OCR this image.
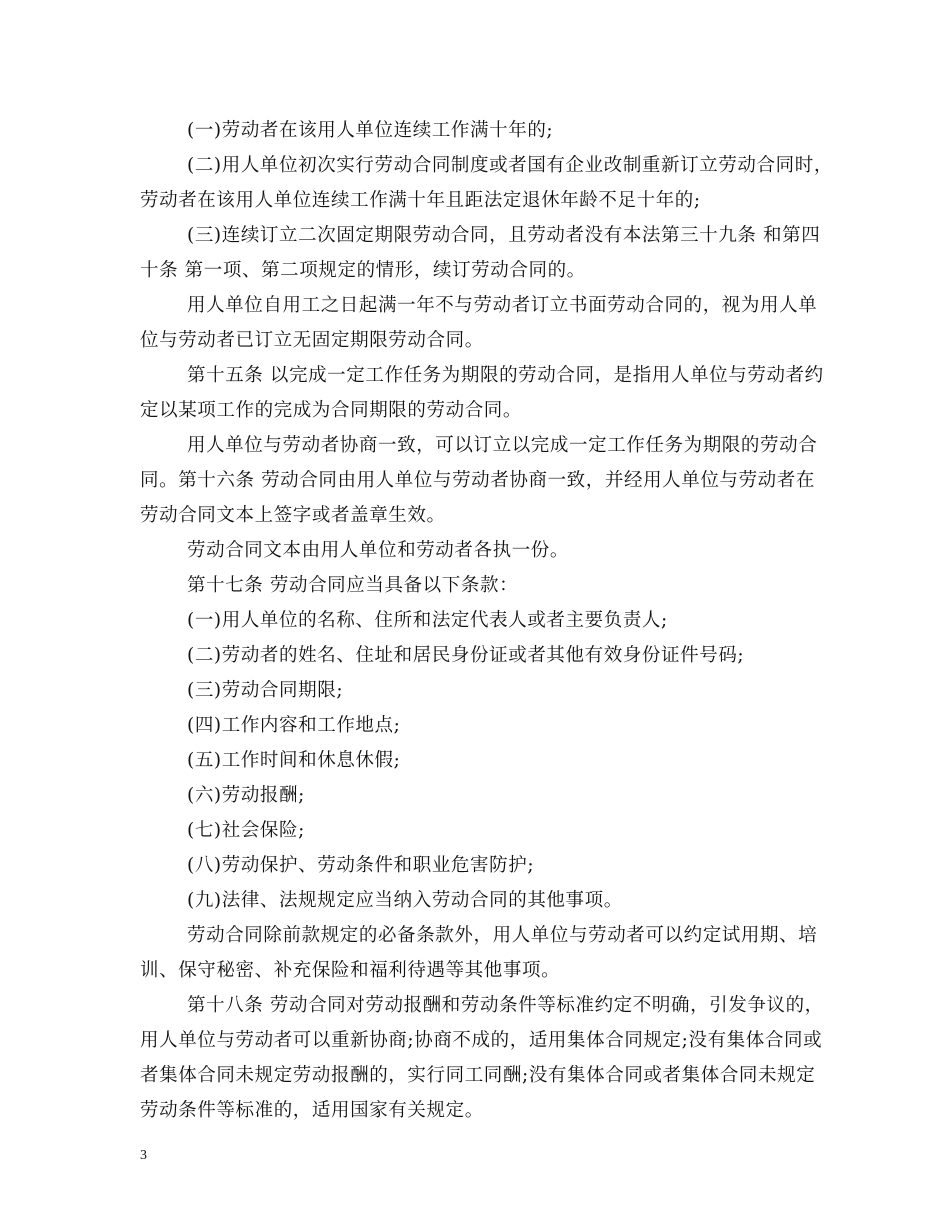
(一)劳动者在该用人单位连续工作满十年的;
(二)用人单位初次实行劳动合同制度或者国有企业改制重新订立劳动合同时，
劳动者在该用人单位连续工作满十年且距法定退休年龄不足十年的;
(三)连续订立二次固定期限劳动合同，且劳动者没有本法第三十九条 和第四
十条 第一项、第二项规定的情形，续订劳动合同的。
用人单位自用工之日起满一年不与劳动者订立书面劳动合同的，视为用人单
位与劳动者已订立无固定期限劳动合同。
第十五条 以完成一定工作任务为期限的劳动合同，是指用人单位与劳动者约
定以某项工作的完成为合同期限的劳动合同。
用人单位与劳动者协商一致，可以订立以完成一定工作任务为期限的劳动合
同。第十六条 劳动合同由用人单位与劳动者协商一致，并经用人单位与劳动者在
劳动合同文本上签字或者盖章生效。
劳动合同文本由用人单位和劳动者各执一份。
第十七条 劳动合同应当具备以下条款：
(一)用人单位的名称、住所和法定代表人或者主要负责人;
(二)劳动者的姓名、住址和居民身份证或者其他有效身份证件号码;
(三)劳动合同期限;
(四)工作内容和工作地点;
(五)工作时间和休息休假;
(六)劳动报酬;
(七)社会保险;
(八)劳动保护、劳动条件和职业危害防护;
(九)法律、法规规定应当纳入劳动合同的其他事项。
劳动合同除前款规定的必备条款外，用人单位与劳动者可以约定试用期、培
训、保守秘密、补充保险和福利待遇等其他事项。
第十八条 劳动合同对劳动报酬和劳动条件等标准约定不明确，引发争议的，
用人单位与劳动者可以重新协商;协商不成的，适用集体合同规定;没有集体合同或
者集体合同未规定劳动报酬的，实行同工同酬;没有集体合同或者集体合同未规定
劳动条件等标准的，适用国家有关规定。
3
